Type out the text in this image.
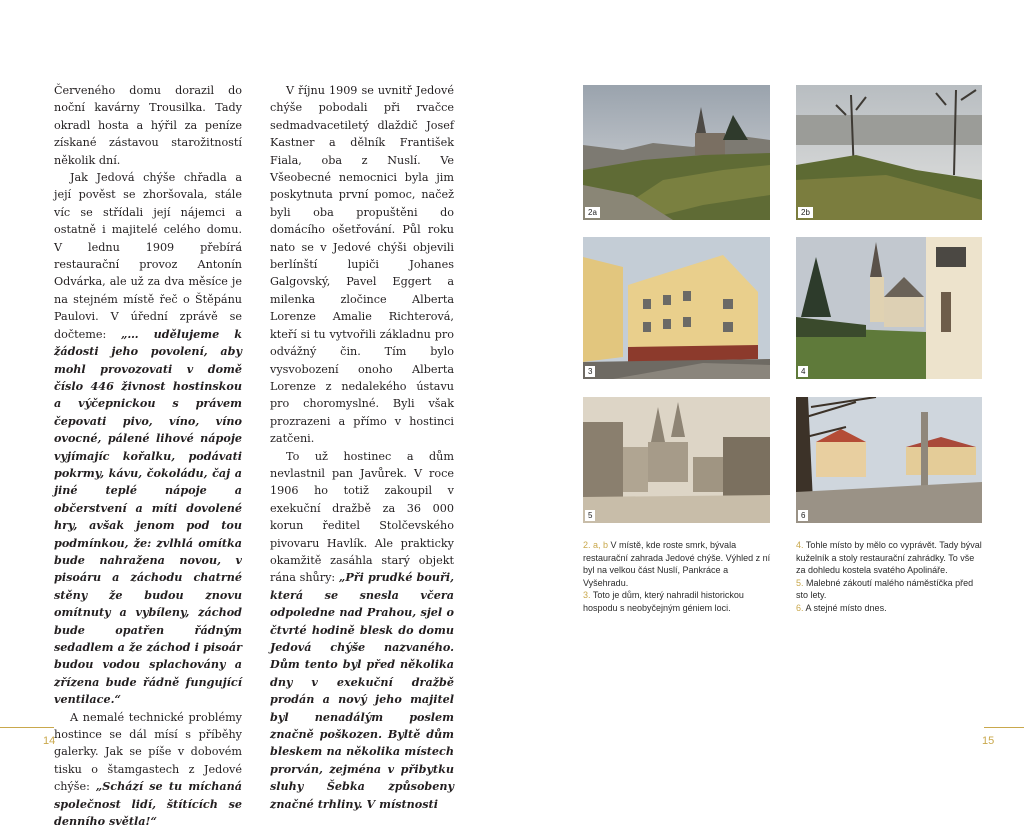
Červeného domu dorazil do noční kavárny Trousilka. Tady okradl hosta a hýřil za peníze získané zástavou starožitností několik dní.

Jak Jedová chýše chřadla a její pověst se zhoršovala, stále víc se střídali její nájemci a ostatně i majitelé celého domu. V lednu 1909 přebírá restaurační provoz Antonín Odvárka, ale už za dva měsíce je na stejném místě řeč o Štěpánu Paulovi. V úřední zprávě se dočteme: „… udělujeme k žádosti jeho povolení, aby mohl provozovati v domě číslo 446 živnost hostinskou a výčepnickou s právem čepovati pivo, víno, víno ovocné, pálené lihové nápoje vyjímajíc kořalku, podávati pokrmy, kávu, čokoládu, čaj a jiné teplé nápoje a občerstvení a míti dovolené hry, avšak jenom pod tou podmínkou, že: zvlhlá omítka bude nahražena novou, v pisoáru a záchodu chatrné stěny že budou znovu omítnuty a vybíleny, záchod bude opatřen řádným sedadlem a že záchod i pisoár budou vodou splachovány a zřízena bude řádně fungující ventilace.“

A nemalé technické problémy hostince se dál mísí s příběhy galerky. Jak se píše v dobovém tisku o štamgastech z Jedové chýše: „Schází se tu míchaná společnost lidí, štítících se denního světla!“

V říjnu 1909 se uvnitř Jedové chýše pobodali při rvačce sedmadvacetiletý dlaždič Josef Kastner a dělník František Fiala, oba z Nuslí. Ve Všeobecné nemocnici byla jim poskytnuta první pomoc, načež byli oba propuštěni do domácího ošetřování. Půl roku nato se v Jedové chýši objevili berlínští lupiči Johanes Galgovský, Pavel Eggert a milenka zločince Alberta Lorenze Amalie Richterová, kteří si tu vytvořili základnu pro odvážný čin. Tím bylo vysvobození onoho Alberta Lorenze z nedalekého ústavu pro choromyslné. Byli však prozrazeni a přímo v hostinci zatčeni.

To už hostinec a dům nevlastnil pan Javůrek. V roce 1906 ho totiž zakoupil v exekuční dražbě za 36 000 korun ředitel Stolčevského pivovaru Havlík. Ale prakticky okamžitě zasáhla starý objekt rána shůry: „Při prudké bouři, která se snesla včera odpoledne nad Prahou, sjel o čtvrté hodině blesk do domu Jedová chýše nazvaného. Dům tento byl před několika dny v exekuční dražbě prodán a nový jeho majitel byl nenadálým poslem značně poškozen. Byltě dům bleskem na několika místech prorván, zejména v přibytku sluhy Šebka způsobeny značné trhliny. V místnosti

2a	2b
3	4
5	6
2. a, b V místě, kde roste smrk, bývala restaurační zahrada Jedové chýše. Výhled z ní byl na velkou část Nuslí, Pankráce a Vyšehradu.
3. Toto je dům, který nahradil historickou hospodu s neobyčejným géniem loci.
4. Tohle místo by mělo co vyprávět. Tady býval kuželník a stoly restaurační zahrádky. To vše za dohledu kostela svatého Apolináře.
5. Malebné zákoutí malého náměstíčka před sto lety.
6. A stejné místo dnes.
14	15
